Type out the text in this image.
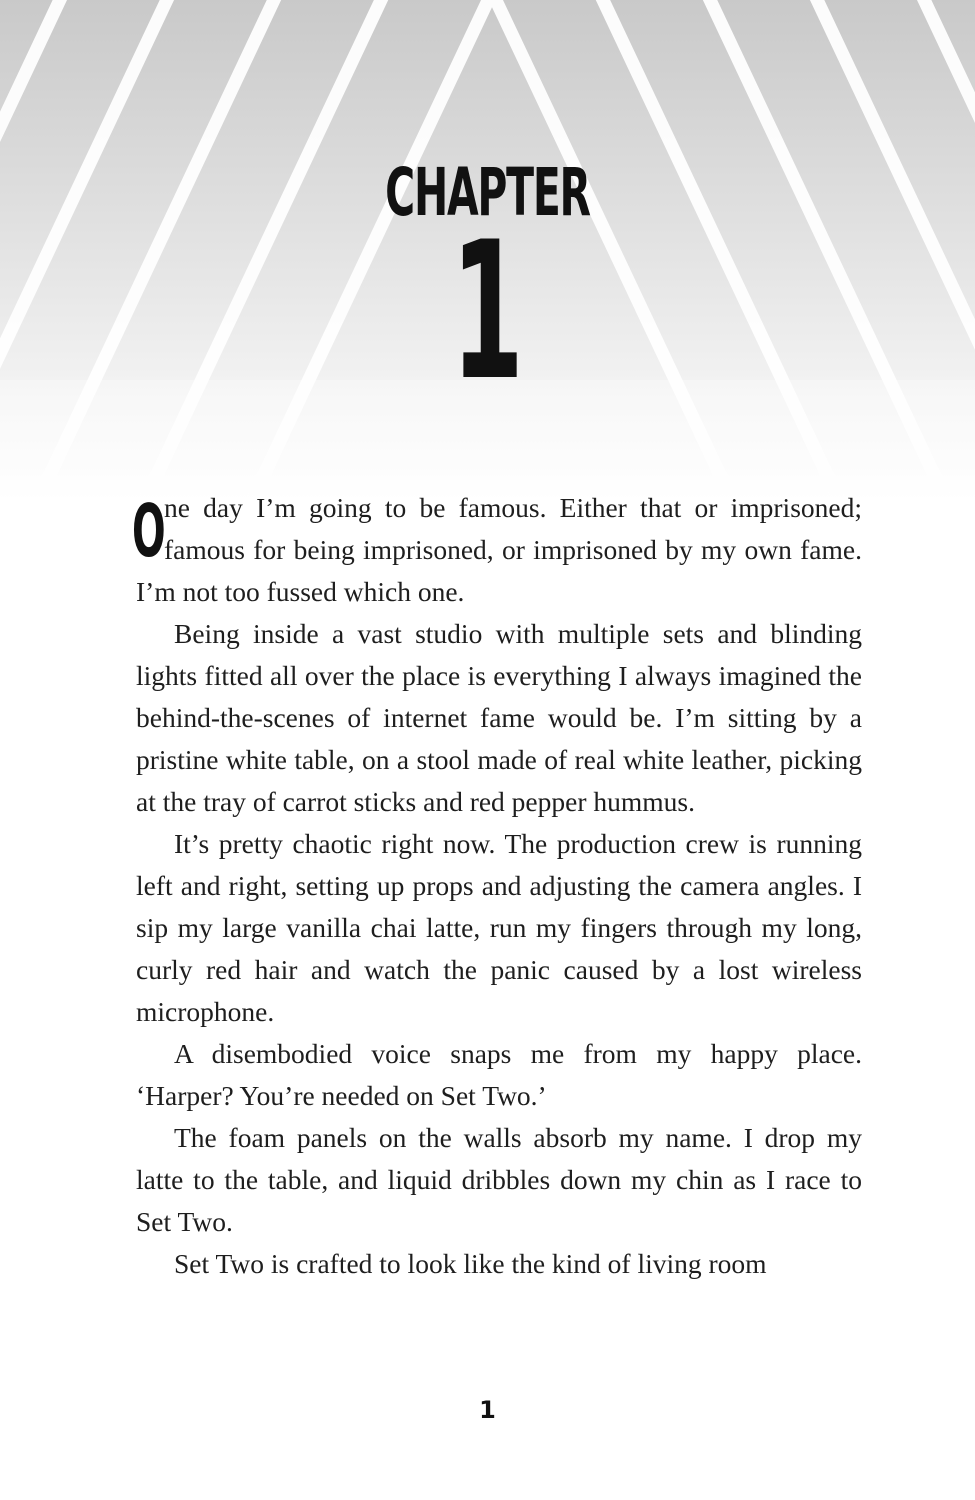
CHAPTER
1

O
ne day I’m going to be famous. Either that or imprisoned; famous for being imprisoned, or imprisoned by my own fame. I’m not too fussed which one.

Being inside a vast studio with multiple sets and blinding lights fitted all over the place is everything I always imagined the behind-the-scenes of internet fame would be. I’m sitting by a pristine white table, on a stool made of real white leather, picking at the tray of carrot sticks and red pepper hummus.

It’s pretty chaotic right now. The production crew is running left and right, setting up props and adjusting the camera angles. I sip my large vanilla chai latte, run my fingers through my long, curly red hair and watch the panic caused by a lost wireless microphone.

A disembodied voice snaps me from my happy place. ‘Harper? You’re needed on Set Two.’

The foam panels on the walls absorb my name. I drop my latte to the table, and liquid dribbles down my chin as I race to Set Two.

Set Two is crafted to look like the kind of living room

1
